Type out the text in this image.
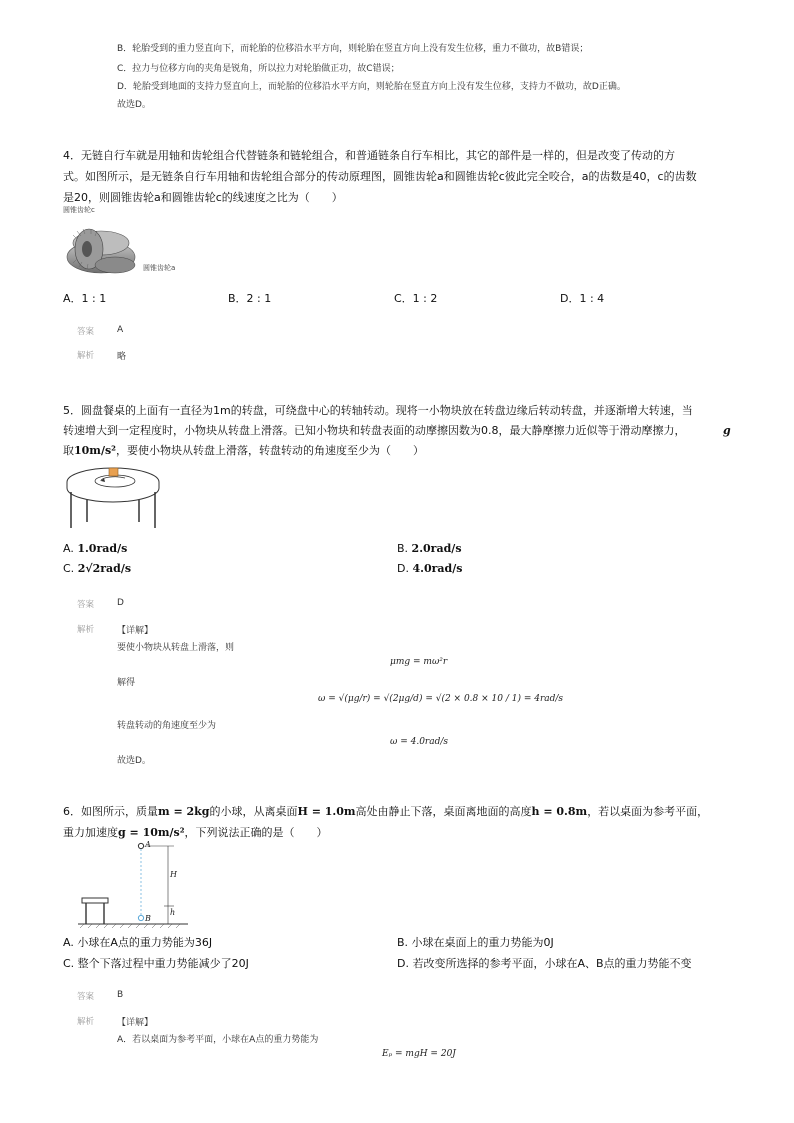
B．轮胎受到的重力竖直向下，而轮胎的位移沿水平方向，则轮胎在竖直方向上没有发生位移，重力不做功，故B错误；
C．拉力与位移方向的夹角是锐角，所以拉力对轮胎做正功，故C错误；
D．轮胎受到地面的支持力竖直向上，而轮胎的位移沿水平方向，则轮胎在竖直方向上没有发生位移，支持力不做功，故D正确。
故选D。
4．无链自行车就是用轴和齿轮组合代替链条和链轮组合，和普通链条自行车相比，其它的部件是一样的，但是改变了传动的方
式。如图所示，是无链条自行车用轴和齿轮组合部分的传动原理图，圆锥齿轮a和圆锥齿轮c彼此完全咬合，a的齿数是40，c的齿数
是20，则圆锥齿轮a和圆锥齿轮c的线速度之比为（　　）
圆锥齿轮c
圆锥齿轮a
A．1 : 1	B．2 : 1	C．1 : 2	D．1 : 4
答案	A
解析	略
5．圆盘餐桌的上面有一直径为1m的转盘，可绕盘中心的转轴转动。现将一小物块放在转盘边缘后转动转盘，并逐渐增大转速，当
转速增大到一定程度时，小物块从转盘上滑落。已知小物块和转盘表面的动摩擦因数为0.8，最大静摩擦力近似等于滑动摩擦力，	g
取10m/s²，要使小物块从转盘上滑落，转盘转动的角速度至少为（　　）
A. 1.0rad/s	B. 2.0rad/s
C. 2√2rad/s	D. 4.0rad/s
答案	D
解析	【详解】
要使小物块从转盘上滑落，则
μmg = mω²r
解得
ω = √(μg/r) = √(2μg/d) = √(2 × 0.8 × 10 / 1) = 4rad/s
转盘转动的角速度至少为
ω = 4.0rad/s
故选D。
6．如图所示，质量m = 2kg的小球，从离桌面H = 1.0m高处由静止下落，桌面离地面的高度h = 0.8m，若以桌面为参考平面，
重力加速度g = 10m/s²，下列说法正确的是（　　）
A
B
H
h
A. 小球在A点的重力势能为36J	B. 小球在桌面上的重力势能为0J
C. 整个下落过程中重力势能减少了20J	D. 若改变所选择的参考平面，小球在A、B点的重力势能不变
答案	B
解析	【详解】
A．若以桌面为参考平面，小球在A点的重力势能为
Eₚ = mgH = 20J
